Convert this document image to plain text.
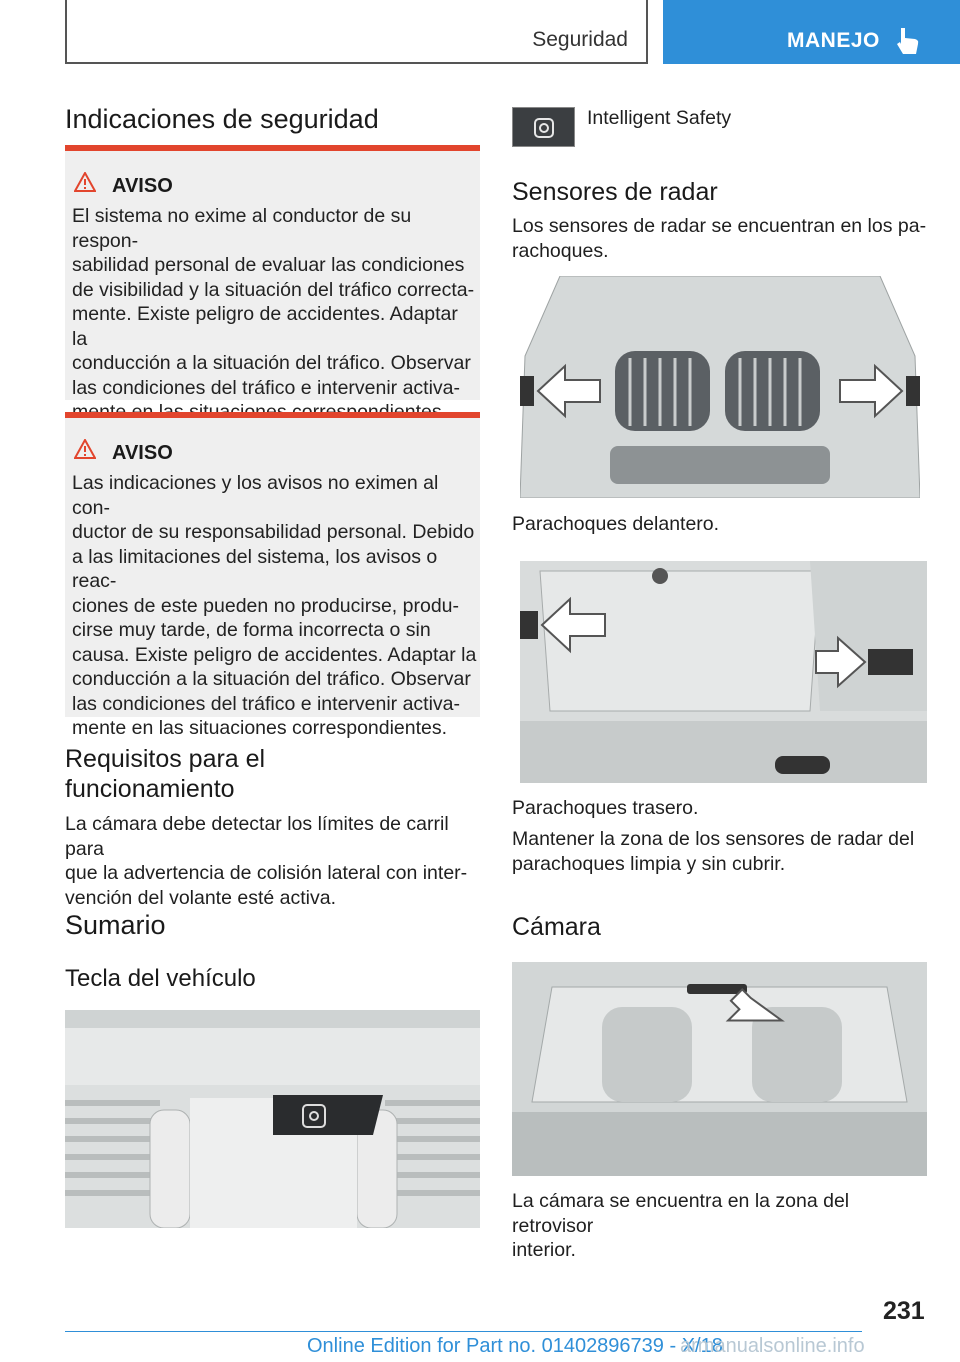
Seguridad	MANEJO
Indicaciones de seguridad
AVISO
El sistema no exime al conductor de su respon‐
sabilidad personal de evaluar las condiciones
de visibilidad y la situación del tráfico correcta‐
mente. Existe peligro de accidentes. Adaptar la
conducción a la situación del tráfico. Observar
las condiciones del tráfico e intervenir activa‐
AVISO
Las indicaciones y los avisos no eximen al con‐
ductor de su responsabilidad personal. Debido
a las limitaciones del sistema, los avisos o reac‐
ciones de este pueden no producirse, produ‐
cirse muy tarde, de forma incorrecta o sin
causa. Existe peligro de accidentes. Adaptar la
conducción a la situación del tráfico. Observar
las condiciones del tráfico e intervenir activa‐
mente en las situaciones correspondientes.
Requisitos para el
funcionamiento
La cámara debe detectar los límites de carril para
que la advertencia de colisión lateral con inter‐
vención del volante esté activa.
Sumario
Tecla del vehículo
Intelligent Safety
Sensores de radar
Los sensores de radar se encuentran en los pa‐
rachoques.
Parachoques delantero.
Parachoques trasero.
Mantener la zona de los sensores de radar del
parachoques limpia y sin cubrir.
Cámara
La cámara se encuentra en la zona del retrovisor
interior.
231
Online Edition for Part no. 01402896739 - X/18
armanualsonline.info
